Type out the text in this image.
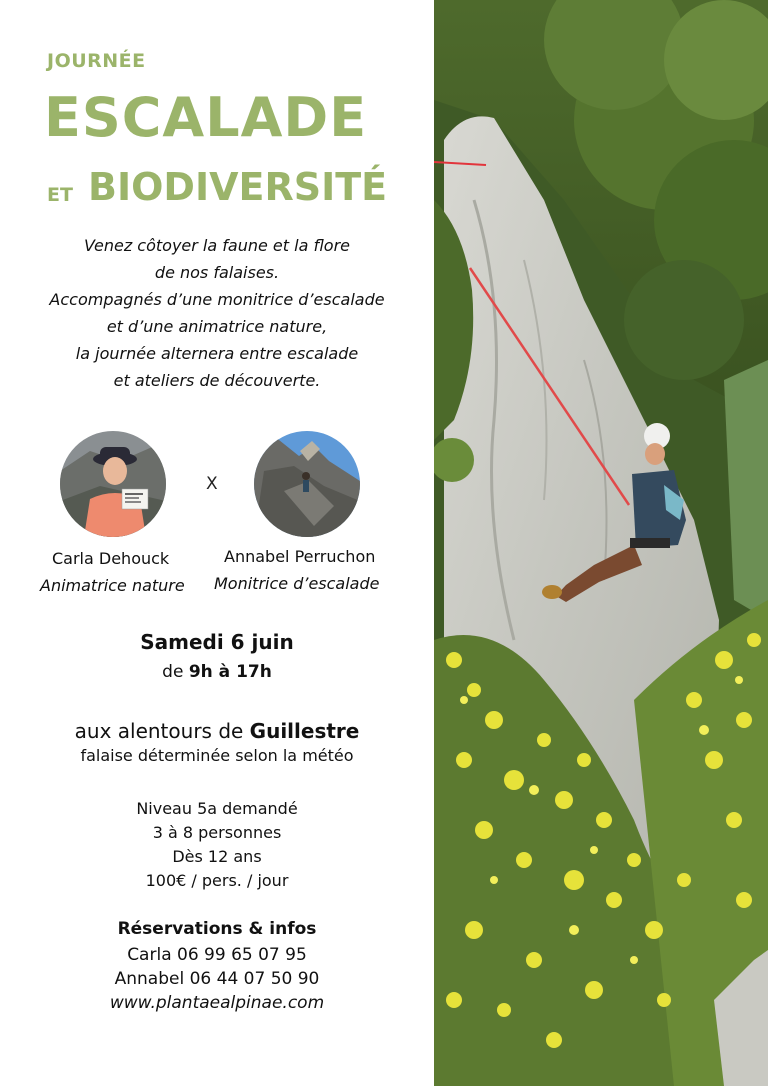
JOURNÉE
ESCALADE
ET BIODIVERSITÉ
Venez côtoyer la faune et la flore
de nos falaises.
Accompagnés d’une monitrice d’escalade
et d’une animatrice nature,
la journée alternera entre escalade
et ateliers de découverte.
X
Carla Dehouck
Animatrice nature
Annabel Perruchon
Monitrice d’escalade
Samedi 6 juin
de 9h à 17h
aux alentours de Guillestre
falaise déterminée selon la météo
Niveau 5a demandé
3 à 8 personnes
Dès 12 ans
100€ / pers. / jour
Réservations & infos
Carla 06 99 65 07 95
Annabel 06 44 07 50 90
www.plantaealpinae.com
